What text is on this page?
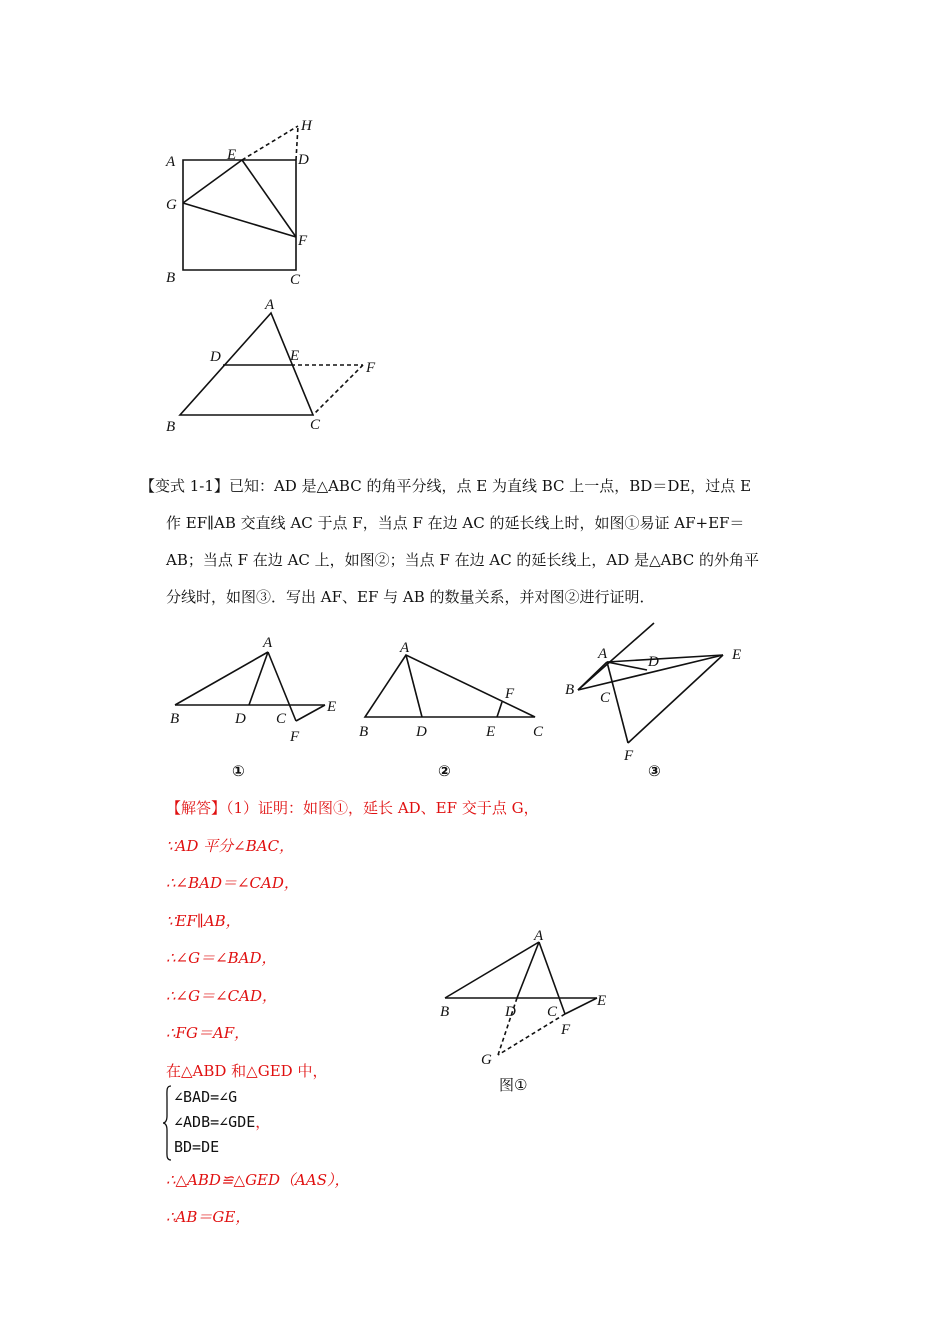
H
A	E	D
G
F
B	C
A
D	E
F
B	C

【变式 1-1】已知：AD 是△ABC 的角平分线，点 E 为直线 BC 上一点，BD＝DE，过点 E

作 EF∥AB 交直线 AC 于点 F，当点 F 在边 AC 的延长线上时，如图①易证 AF+EF＝

AB；当点 F 在边 AC 上，如图②；当点 F 在边 AC 的延长线上，AD 是△ABC 的外角平

分线时，如图③．写出 AF、EF 与 AB 的数量关系，并对图②进行证明．

A
B	D C
E
F
①
A
F
B	D	E	C
②
A	D	E
B C
F
③
【解答】（1）证明：如图①，延长 AD、EF 交于点 G，
∵AD 平分∠BAC，
∴∠BAD＝∠CAD，
∵EF∥AB，
∴∠G＝∠BAD，
∴∠G＝∠CAD，
∴FG＝AF，
在△ABD 和△GED 中，
∠BAD=∠G
∠ADB=∠GDE，
BD=DE
∴△ABD≌△GED（AAS），
∴AB＝GE，
A
B	D C
E
F
G
图①
